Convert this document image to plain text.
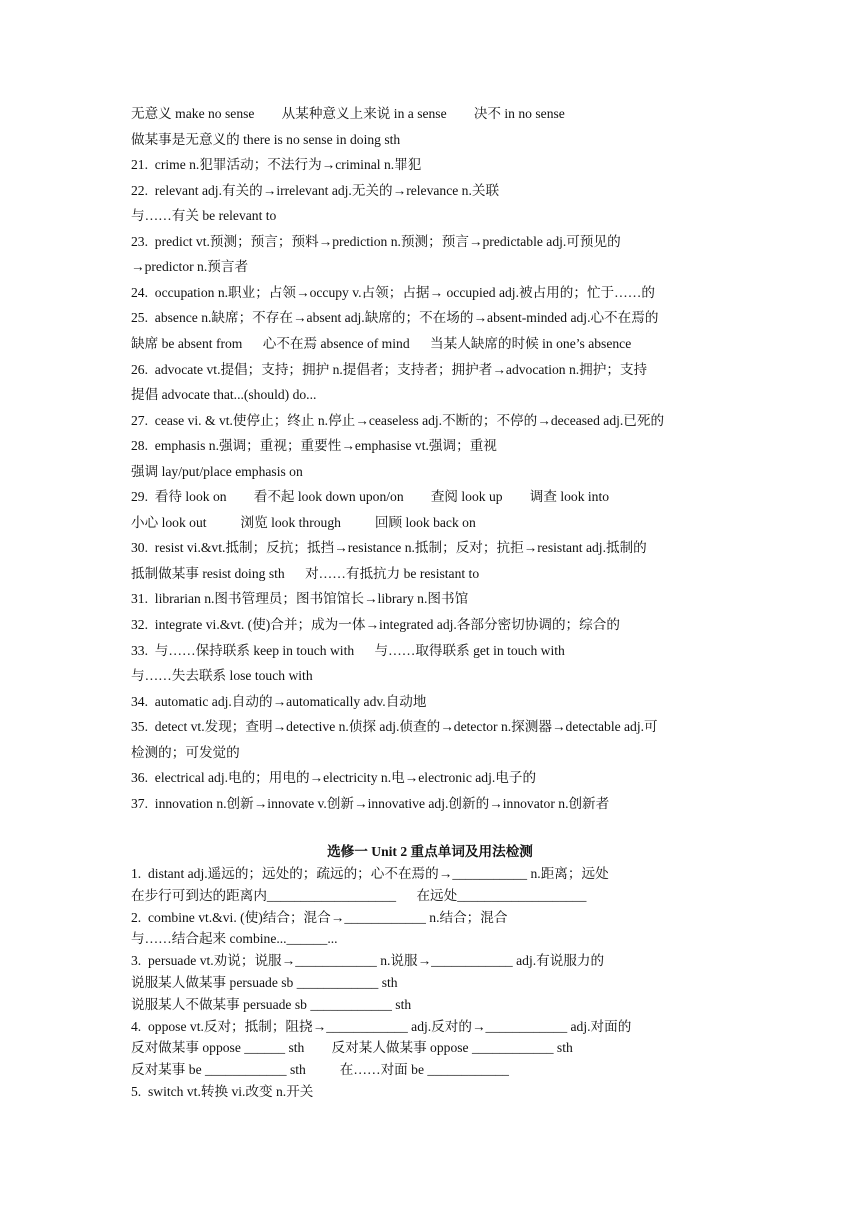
无意义 make no sense        从某种意义上来说 in a sense        决不 in no sense
做某事是无意义的 there is no sense in doing sth
21.  crime n.犯罪活动；不法行为→criminal n.罪犯
22.  relevant adj.有关的→irrelevant adj.无关的→relevance n.关联
与……有关 be relevant to
23.  predict vt.预测；预言；预料→prediction n.预测；预言→predictable adj.可预见的
→predictor n.预言者
24.  occupation n.职业；占领→occupy v.占领；占据→ occupied adj.被占用的；忙于……的
25.  absence n.缺席；不存在→absent adj.缺席的；不在场的→absent-minded adj.心不在焉的
缺席 be absent from      心不在焉 absence of mind      当某人缺席的时候 in one’s absence
26.  advocate vt.提倡；支持；拥护 n.提倡者；支持者；拥护者→advocation n.拥护；支持
提倡 advocate that...(should) do...
27.  cease vi. & vt.使停止；终止 n.停止→ceaseless adj.不断的；不停的→deceased adj.已死的
28.  emphasis n.强调；重视；重要性→emphasise vt.强调；重视
强调 lay/put/place emphasis on
29.  看待 look on        看不起 look down upon/on        查阅 look up        调查 look into
小心 look out          浏览 look through          回顾 look back on
30.  resist vi.&vt.抵制；反抗；抵挡→resistance n.抵制；反对；抗拒→resistant adj.抵制的
抵制做某事 resist doing sth      对……有抵抗力 be resistant to
31.  librarian n.图书管理员；图书馆馆长→library n.图书馆
32.  integrate vi.&vt. (使)合并；成为一体→integrated adj.各部分密切协调的；综合的
33.  与……保持联系 keep in touch with      与……取得联系 get in touch with
与……失去联系 lose touch with
34.  automatic adj.自动的→automatically adv.自动地
35.  detect vt.发现；查明→detective n.侦探 adj.侦查的→detector n.探测器→detectable adj.可
检测的；可发觉的
36.  electrical adj.电的；用电的→electricity n.电→electronic adj.电子的
37.  innovation n.创新→innovate v.创新→innovative adj.创新的→innovator n.创新者
选修一 Unit 2 重点单词及用法检测
1.  distant adj.遥远的；远处的；疏远的；心不在焉的→___________ n.距离；远处
在步行可到达的距离内___________________      在远处___________________
2.  combine vt.&vi. (使)结合；混合→____________ n.结合；混合
与……结合起来 combine...______...
3.  persuade vt.劝说；说服→____________ n.说服→____________ adj.有说服力的
说服某人做某事 persuade sb ____________ sth
说服某人不做某事 persuade sb ____________ sth
4.  oppose vt.反对；抵制；阻挠→____________ adj.反对的→____________ adj.对面的
反对做某事 oppose ______ sth        反对某人做某事 oppose ____________ sth
反对某事 be ____________ sth          在……对面 be ____________
5.  switch vt.转换 vi.改变 n.开关
